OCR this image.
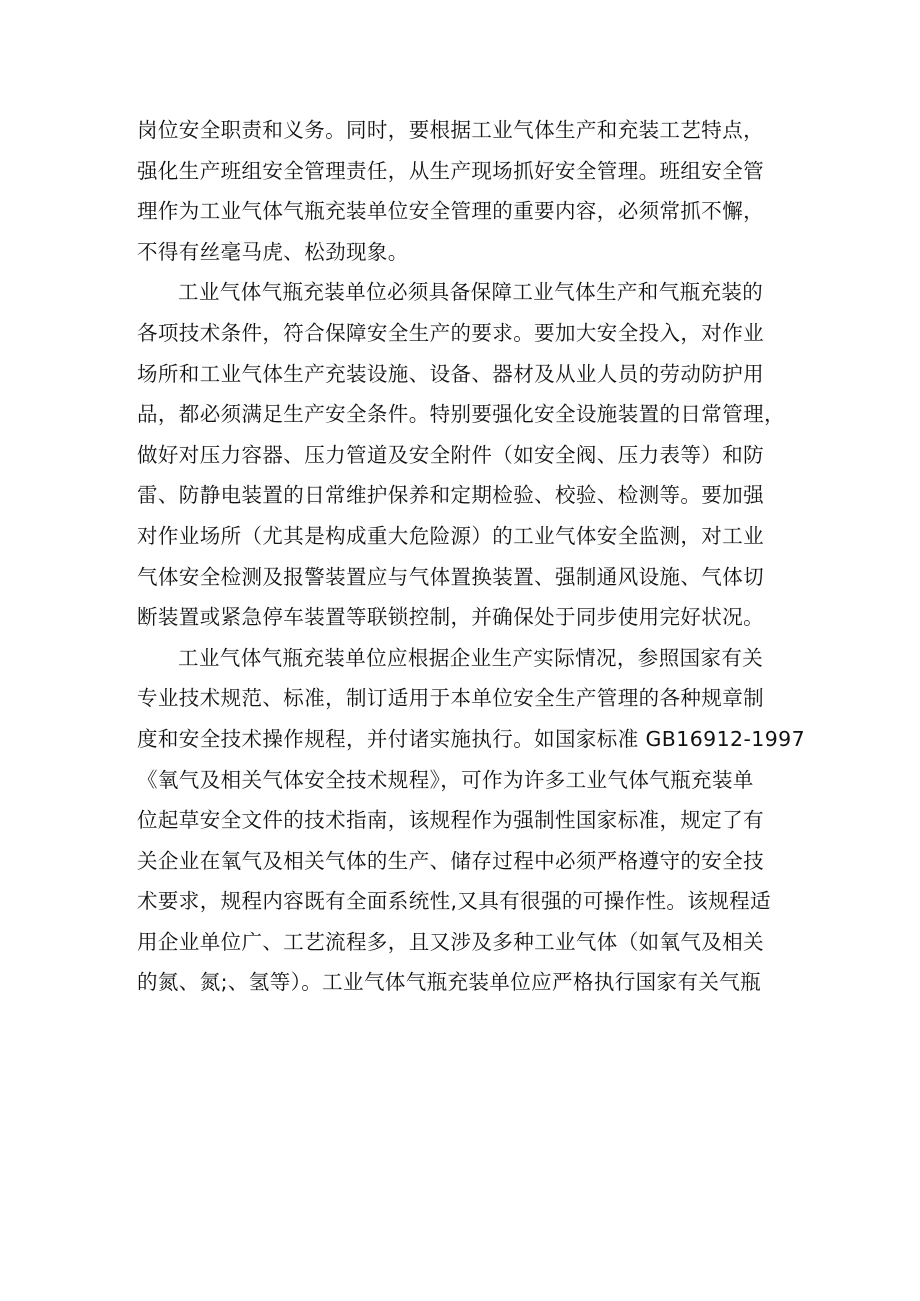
岗位安全职责和义务。同时，要根据工业气体生产和充装工艺特点，
强化生产班组安全管理责任，从生产现场抓好安全管理。班组安全管
理作为工业气体气瓶充装单位安全管理的重要内容，必须常抓不懈，
不得有丝毫马虎、松劲现象。
工业气体气瓶充装单位必须具备保障工业气体生产和气瓶充装的
各项技术条件，符合保障安全生产的要求。要加大安全投入，对作业
场所和工业气体生产充装设施、设备、器材及从业人员的劳动防护用
品，都必须满足生产安全条件。特别要强化安全设施装置的日常管理，
做好对压力容器、压力管道及安全附件（如安全阀、压力表等）和防
雷、防静电装置的日常维护保养和定期检验、校验、检测等。要加强
对作业场所（尤其是构成重大危险源）的工业气体安全监测，对工业
气体安全检测及报警装置应与气体置换装置、强制通风设施、气体切
断装置或紧急停车装置等联锁控制，并确保处于同步使用完好状况。
工业气体气瓶充装单位应根据企业生产实际情况，参照国家有关
专业技术规范、标准，制订适用于本单位安全生产管理的各种规章制
度和安全技术操作规程，并付诸实施执行。如国家标准 GB16912-1997
《氧气及相关气体安全技术规程》，可作为许多工业气体气瓶充装单
位起草安全文件的技术指南，该规程作为强制性国家标准，规定了有
关企业在氧气及相关气体的生产、储存过程中必须严格遵守的安全技
术要求，规程内容既有全面系统性,又具有很强的可操作性。该规程适
用企业单位广、工艺流程多，且又涉及多种工业气体（如氧气及相关
的氮、氮;、氢等）。工业气体气瓶充装单位应严格执行国家有关气瓶
